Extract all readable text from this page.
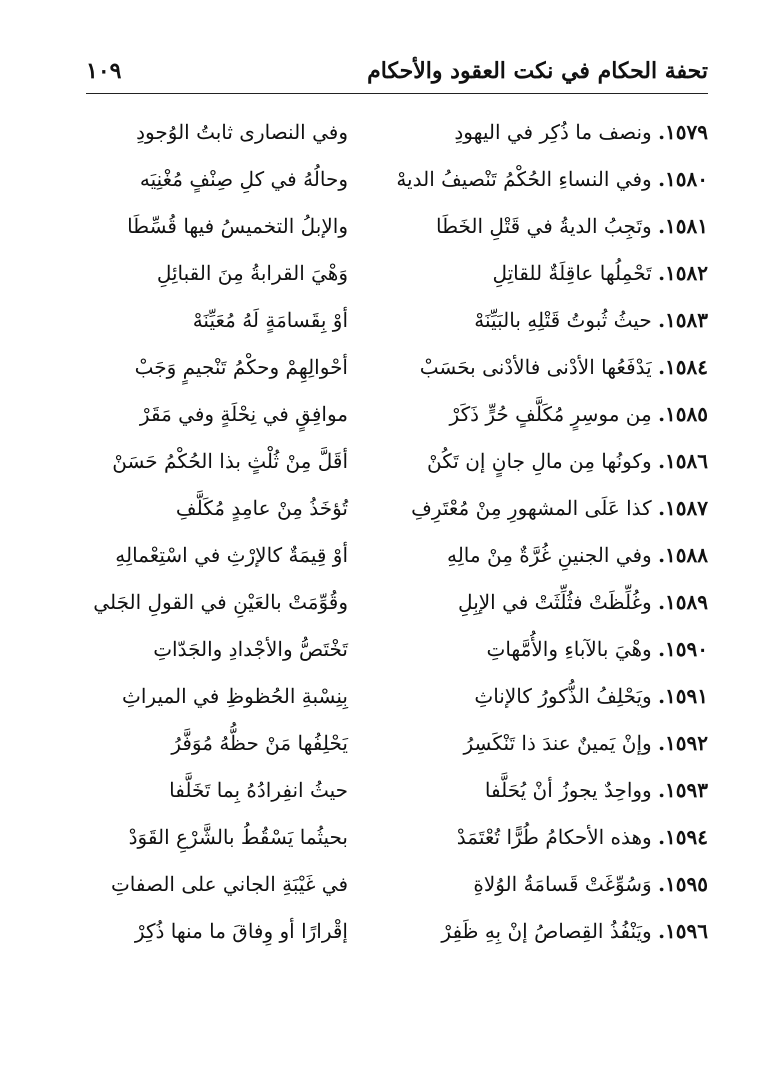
تحفة الحكام في نكت العقود والأحكام
١٠٩
١٥٧٩. ونصف ما ذُكِر في اليهودِ
وفي النصارى ثابتُ الوُجودِ
١٥٨٠. وفي النساءِ الحُكْمُ تَنْصيفُ الديهْ
وحالُهُ في كلِ صِنْفٍ مُغْنِيَه
١٥٨١. وتَجِبُ الديةُ في قَتْلِ الخَطَا
والإبلُ التخميسُ فيها قُسِّطَا
١٥٨٢. تَحْمِلُها عاقِلَةٌ للقاتِلِ
وَهْيَ القرابةُ مِنَ القبائِلِ
١٥٨٣. حيثُ ثُبوتُ قَتْلِهِ بالبَيِّنَهْ
أوْ بِقَسامَةٍ لَهُ مُعَيِّنَهْ
١٥٨٤. يَدْفَعُها الأدْنى فالأدْنى بحَسَبْ
أحْوالِهِمْ وحكْمُ تَنْجيمٍ وَجَبْ
١٥٨٥. مِن موسِرٍ مُكَلَّفٍ حُرٍّ ذَكَرْ
موافِقٍ في نِحْلَةٍ وفي مَقَرْ
١٥٨٦. وكونُها مِن مالِ جانٍ إن تَكُنْ
أقَلَّ مِنْ ثُلْثٍ بذا الحُكْمُ حَسَنْ
١٥٨٧. كذا عَلَى المشهورِ مِنْ مُعْتَرِفِ
تُؤخَذُ مِنْ عامِدٍ مُكَلَّفِ
١٥٨٨. وفي الجنينِ غُرَّةٌ مِنْ مالِهِ
أوْ قِيمَةٌ كالإرْثِ في اسْتِعْمالِهِ
١٥٨٩. وغُلِّظَتْ فثُلِّثَتْ في الإبِلِ
وقُوِّمَتْ بالعَيْنِ في القولِ الجَلي
١٥٩٠. وهْيَ بالآباءِ والأُمَّهاتِ
تَخْتَصُّ والأجْدادِ والجَدّاتِ
١٥٩١. ويَحْلِفُ الذُّكورُ كالإناثِ
بِنِسْبةِ الحُظوظِ في الميراثِ
١٥٩٢. وإنْ يَمينٌ عندَ ذا تَنْكَسِرُ
يَحْلِفُها مَنْ حظُّهُ مُوَفَّرُ
١٥٩٣. وواحِدٌ يجوزُ أنْ يُحَلَّفا
حيثُ انفِرادُهُ بِما تَخَلَّفا
١٥٩٤. وهذه الأحكامُ طُرًّا تُعْتَمَدْ
بحيثُما يَسْقُطُ بالشَّرْعِ القَوَدْ
١٥٩٥. وَسُوِّغَتْ قَسامَةُ الوُلاةِ
في غَيْبَةِ الجاني على الصفاتِ
١٥٩٦. ويَنْفُذُ القِصاصُ إنْ بِهِ ظَفِرْ
إقْرارًا أو وِفاقَ ما منها ذُكِرْ
